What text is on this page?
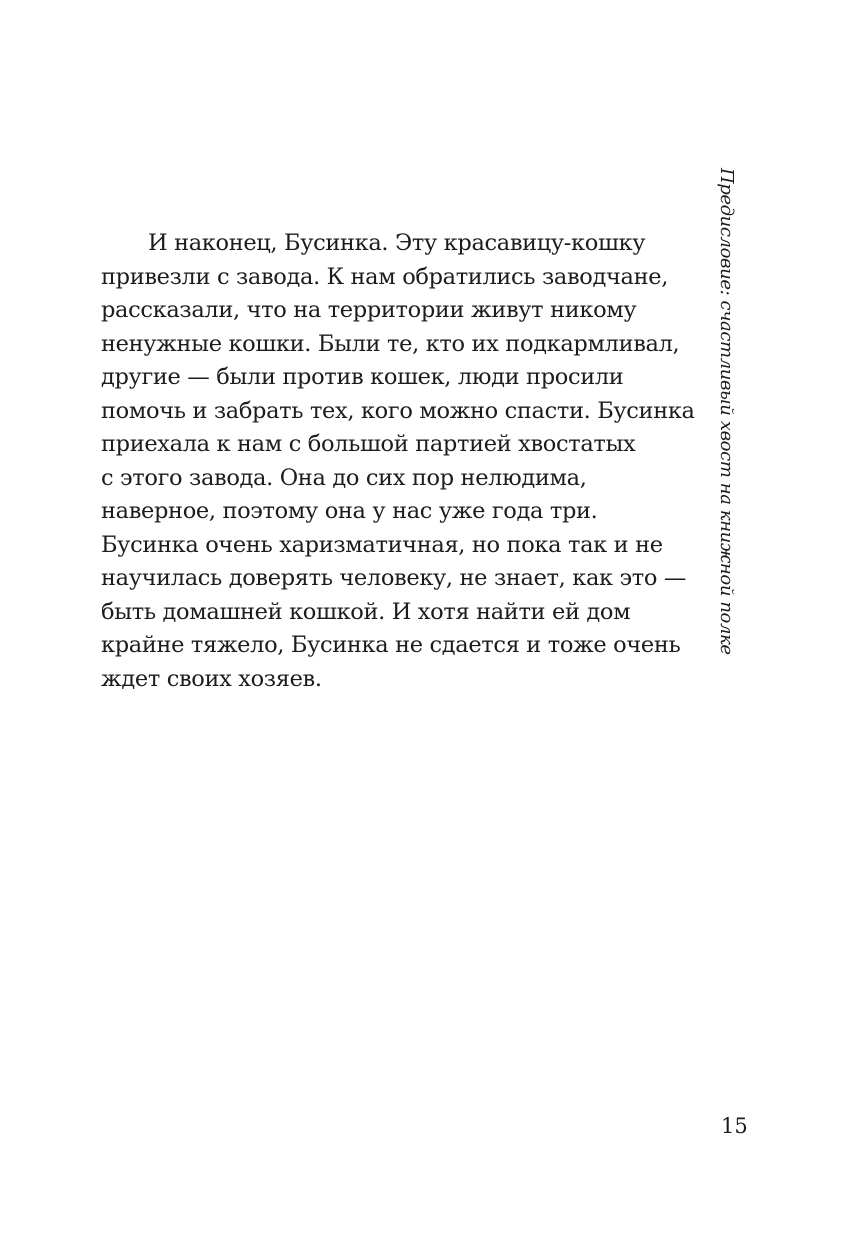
Предисловие: счастливый хвост на книжной полке

И наконец, Бусинка. Эту красавицу-кошку
привезли с завода. К нам обратились заводчане,
рассказали, что на территории живут никому
ненужные кошки. Были те, кто их подкармливал,
другие — были против кошек, люди просили
помочь и забрать тех, кого можно спасти. Бусинка
приехала к нам с большой партией хвостатых
с этого завода. Она до сих пор нелюдима,
наверное, поэтому она у нас уже года три.
Бусинка очень харизматичная, но пока так и не
научилась доверять человеку, не знает, как это —
быть домашней кошкой. И хотя найти ей дом
крайне тяжело, Бусинка не сдается и тоже очень
ждет своих хозяев.

15
